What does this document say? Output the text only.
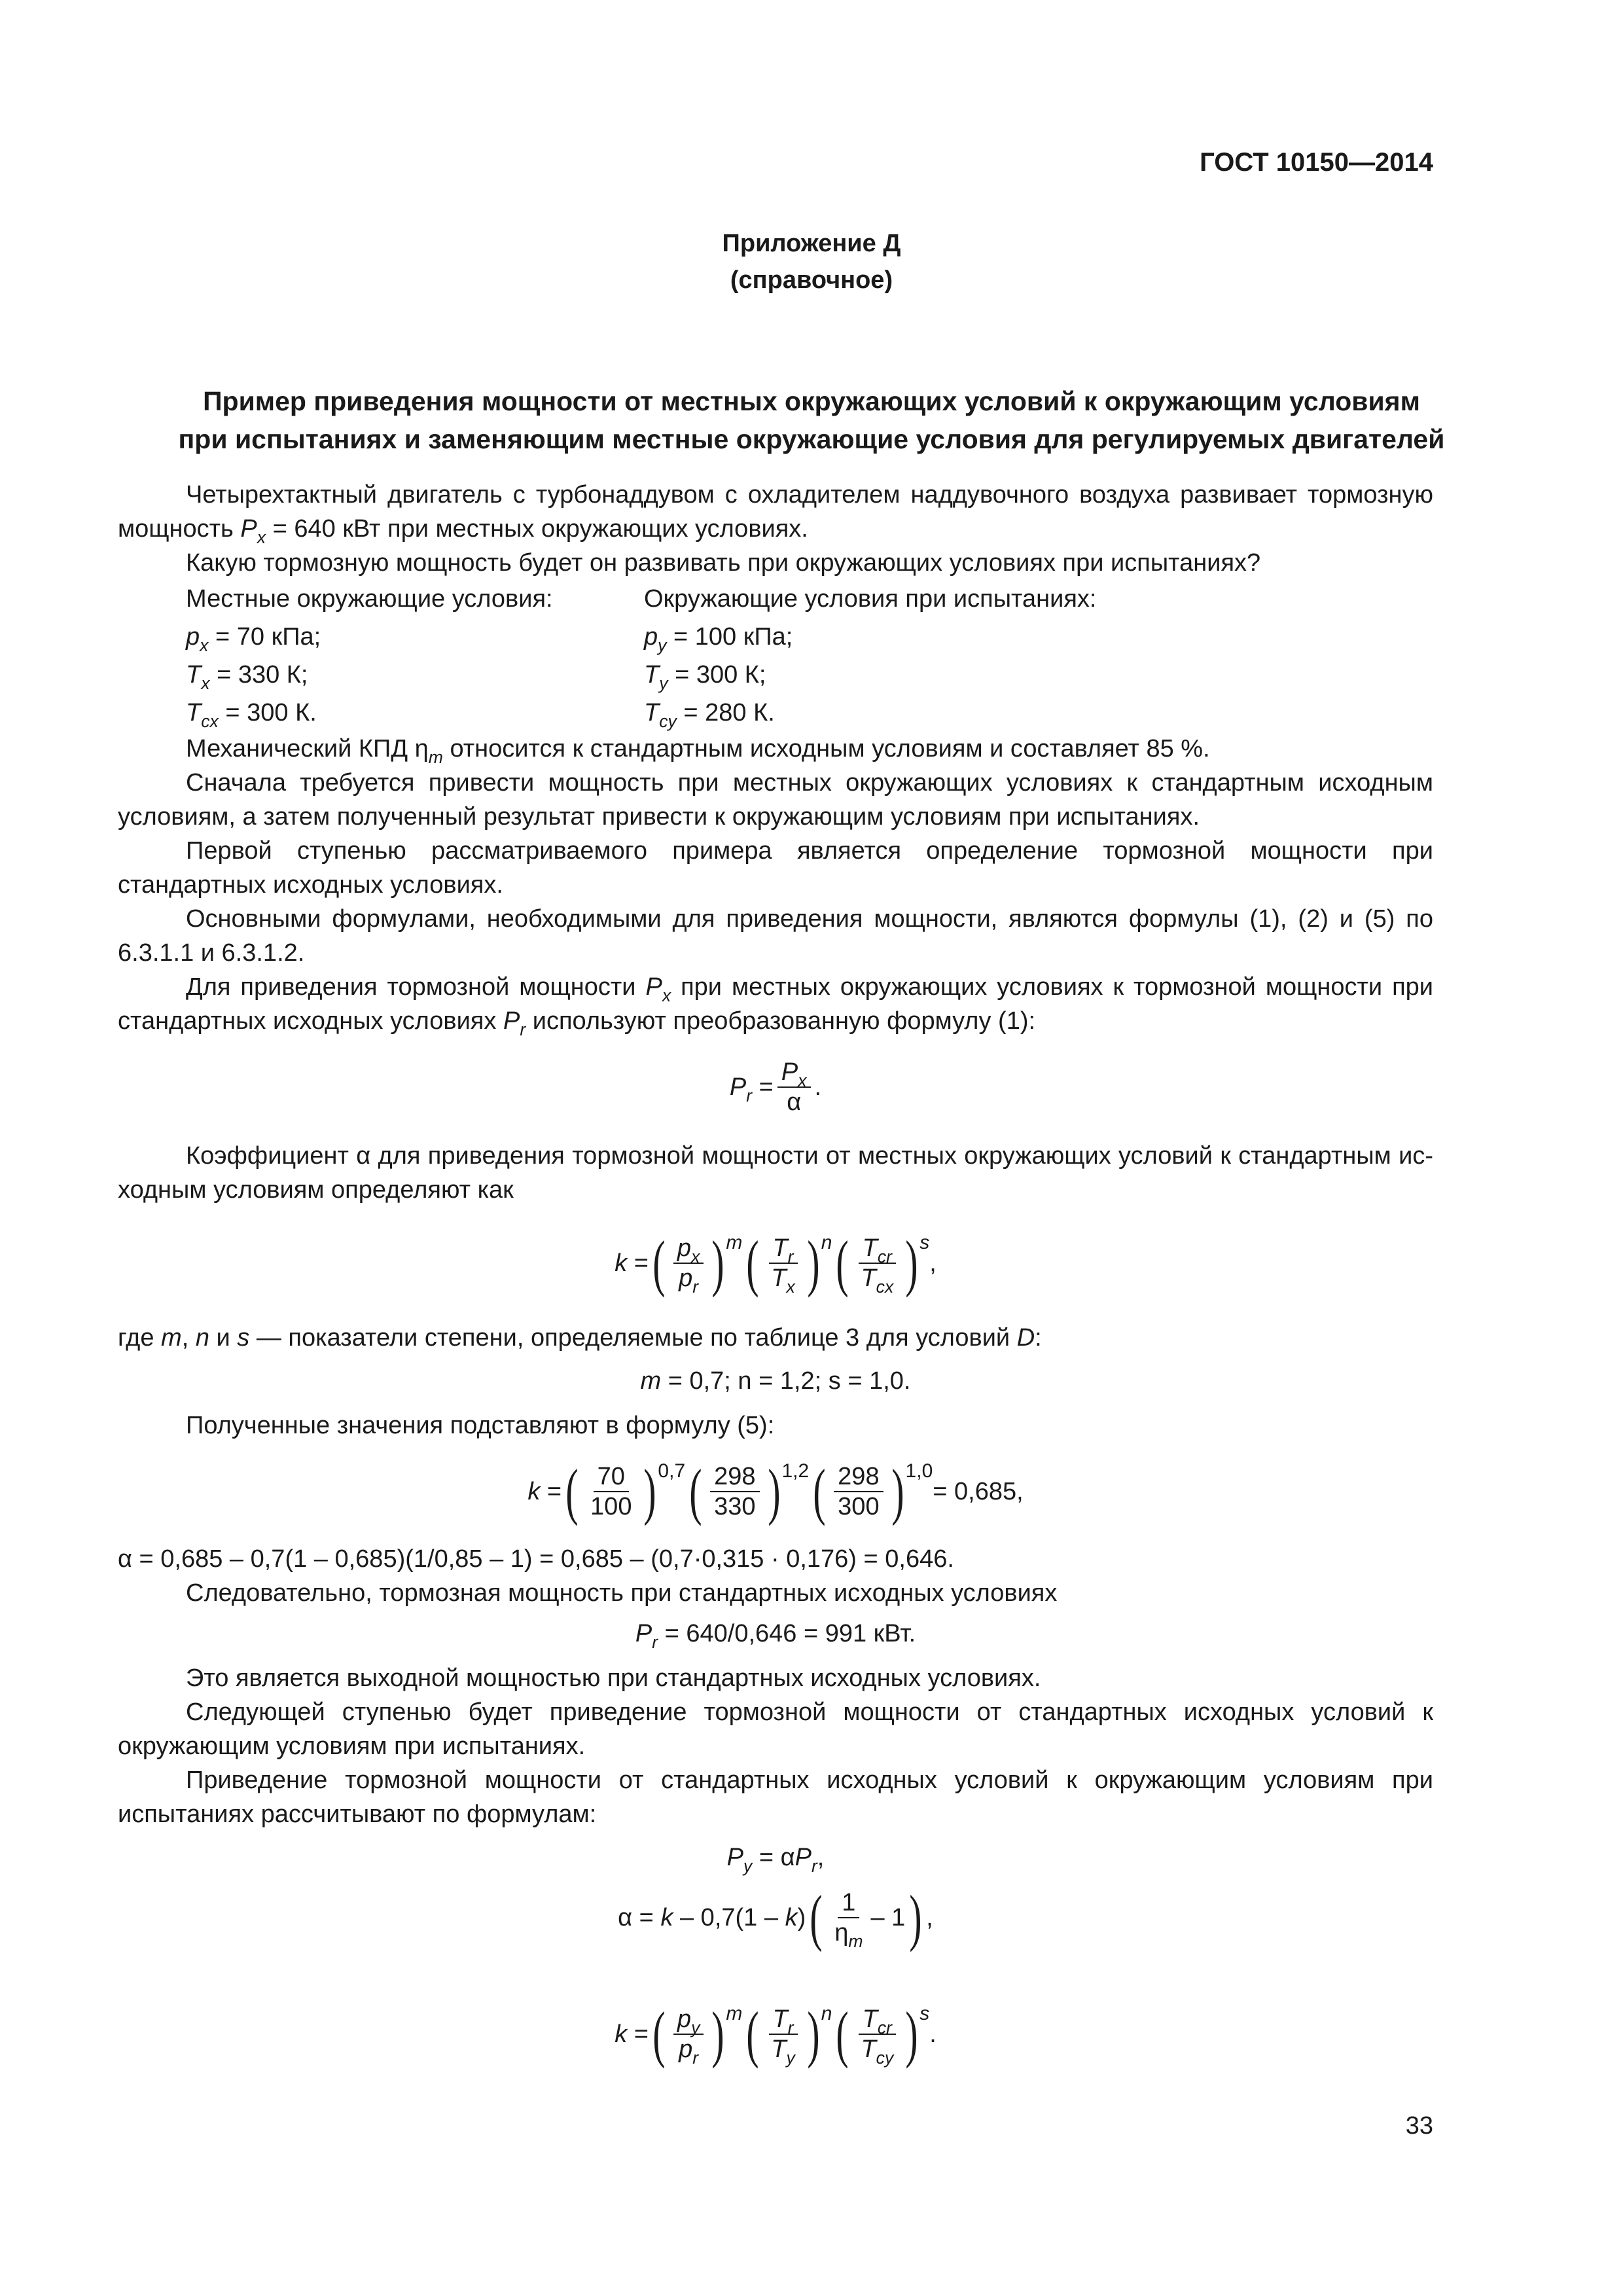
ГОСТ 10150—2014
Приложение Д
(справочное)
Пример приведения мощности от местных окружающих условий к окружающим условиям
при испытаниях и заменяющим местные окружающие условия для регулируемых двигателей

Четырехтактный двигатель с турбонаддувом с охладителем наддувочного воздуха развивает тормозную мощность $P_x = 640$ кВт при местных окружающих условиях.

Какую тормозную мощность будет он развивать при окружающих условиях при испытаниях?

Местные окружающие условия:
$p_x = 70$ кПа;
$T_x = 330$ К;
$T_{cx} = 300$ К.
Окружающие условия при испытаниях:
$p_y = 100$ кПа;
$T_y = 300$ К;
$T_{cy} = 280$ К.

Механический КПД $\eta_m$ относится к стандартным исходным условиям и составляет 85 %.

Сначала требуется привести мощность при местных окружающих условиях к стандартным исходным условиям, а затем полученный результат привести к окружающим условиям при испытаниях.

Первой ступенью рассматриваемого примера является определение тормозной мощности при стандартных исходных условиях.

Основными формулами, необходимыми для приведения мощности, являются формулы (1), (2) и (5) по 6.3.1.1 и 6.3.1.2.

Для приведения тормозной мощности $P_x$ при местных окружающих условиях к тормозной мощности при стандартных исходных условиях $P_r$ используют преобразованную формулу (1):

$P_r = \frac{P_x}{\alpha}$ .

Коэффициент α для приведения тормозной мощности от местных окружающих условий к стандартным исходным условиям определяют как

k = ( $\frac{p_x}{p_r}$ ) m ( $\frac{T_r}{T_x}$ ) n ( $\frac{T_{cr}}{T_{cx}}$ ) s
,

где m, n и s — показатели степени, определяемые по таблице 3 для условий D:

m = 0,7; n = 1,2; s = 1,0.

Полученные значения подставляют в формулу (5):

k = ( $\frac{70}{100}$ ) 0,7 ( $\frac{298}{330}$ ) 1,2 ( $\frac{298}{300}$ ) 1,0
= 0,685,

α = 0,685 – 0,7(1 – 0,685)(1/0,85 – 1) = 0,685 – (0,7·0,315 · 0,176) = 0,646.

Следовательно, тормозная мощность при стандартных исходных условиях

$P_r = 640/0,646 = 991$ кВт.

Это является выходной мощностью при стандартных исходных условиях.

Следующей ступенью будет приведение тормозной мощности от стандартных исходных условий к окружающим условиям при испытаниях.

Приведение тормозной мощности от стандартных исходных условий к окружающим условиям при испытаниях рассчитывают по формулам:

$P_y = \alpha P_r$,
α = k – 0,7(1 – k) ( $\frac{1}{\eta_m} - 1$ ) ,
k = ( $\frac{p_y}{p_r}$ ) m ( $\frac{T_r}{T_y}$ ) n ( $\frac{T_{cr}}{T_{cy}}$ ) s
.
33
